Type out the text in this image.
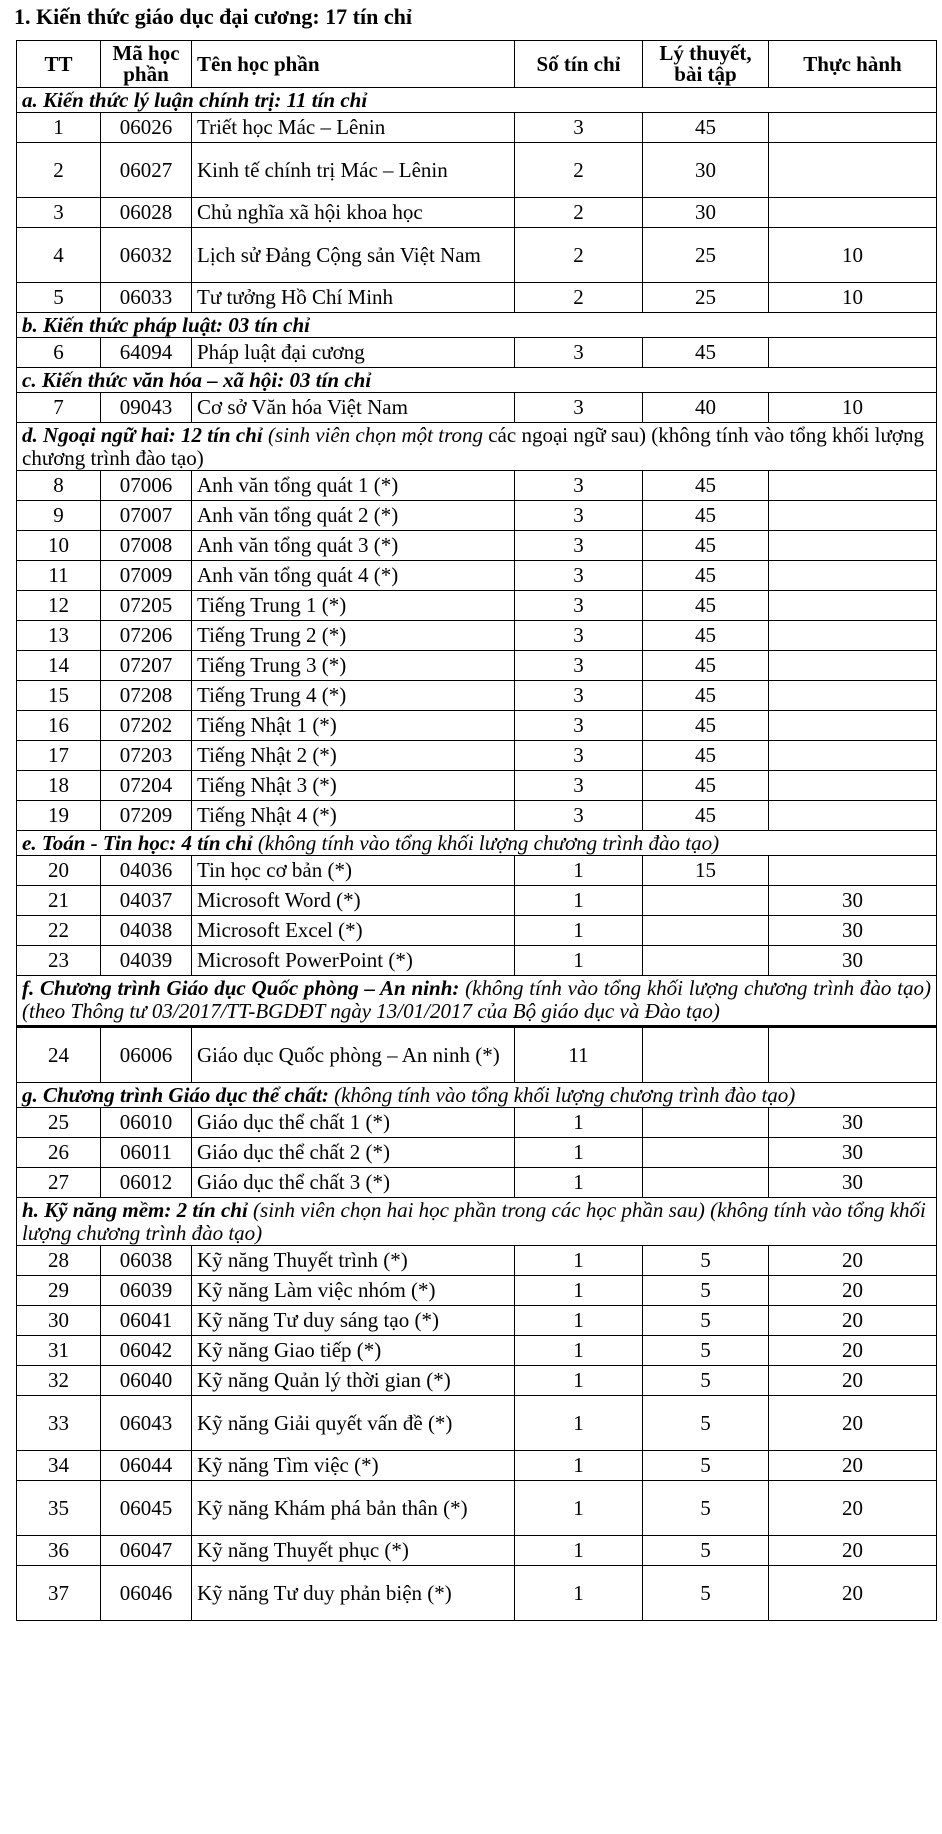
1. Kiến thức giáo dục đại cương: 17 tín chỉ
TT	Mã học phần	Tên học phần	Số tín chỉ	Lý thuyết, bài tập	Thực hành
a. Kiến thức lý luận chính trị: 11 tín chỉ					
1	06026	Triết học Mác – Lênin	3	45	
2	06027	Kinh tế chính trị Mác – Lênin	2	30	
3	06028	Chủ nghĩa xã hội khoa học	2	30	
4	06032	Lịch sử Đảng Cộng sản Việt Nam	2	25	10
5	06033	Tư tưởng Hồ Chí Minh	2	25	10
b. Kiến thức pháp luật: 03 tín chỉ					
6	64094	Pháp luật đại cương	3	45	
c. Kiến thức văn hóa – xã hội: 03 tín chỉ					
7	09043	Cơ sở Văn hóa Việt Nam	3	40	10
d. Ngoại ngữ hai: 12 tín chỉ (sinh viên chọn một trong các ngoại ngữ sau) (không tính vào tổng khối lượng chương trình đào tạo)					
8	07006	Anh văn tổng quát 1 (*)	3	45	
9	07007	Anh văn tổng quát 2 (*)	3	45	
10	07008	Anh văn tổng quát 3 (*)	3	45	
11	07009	Anh văn tổng quát 4 (*)	3	45	
12	07205	Tiếng Trung 1 (*)	3	45	
13	07206	Tiếng Trung 2 (*)	3	45	
14	07207	Tiếng Trung 3 (*)	3	45	
15	07208	Tiếng Trung 4 (*)	3	45	
16	07202	Tiếng Nhật 1 (*)	3	45	
17	07203	Tiếng Nhật 2 (*)	3	45	
18	07204	Tiếng Nhật 3 (*)	3	45	
19	07209	Tiếng Nhật 4 (*)	3	45	
e. Toán - Tin học: 4 tín chỉ (không tính vào tổng khối lượng chương trình đào tạo)					
20	04036	Tin học cơ bản (*)	1	15	
21	04037	Microsoft Word (*)	1		30
22	04038	Microsoft Excel (*)	1		30
23	04039	Microsoft PowerPoint (*)	1		30
f. Chương trình Giáo dục Quốc phòng – An ninh: (không tính vào tổng khối lượng chương trình đào tạo) (theo Thông tư 03/2017/TT-BGDĐT ngày 13/01/2017 của Bộ giáo dục và Đào tạo)					
24	06006	Giáo dục Quốc phòng – An ninh (*)	11		
g. Chương trình Giáo dục thể chất: (không tính vào tổng khối lượng chương trình đào tạo)					
25	06010	Giáo dục thể chất 1 (*)	1		30
26	06011	Giáo dục thể chất 2 (*)	1		30
27	06012	Giáo dục thể chất 3 (*)	1		30
h. Kỹ năng mềm: 2 tín chỉ (sinh viên chọn hai học phần trong các học phần sau) (không tính vào tổng khối lượng chương trình đào tạo)					
28	06038	Kỹ năng Thuyết trình (*)	1	5	20
29	06039	Kỹ năng Làm việc nhóm (*)	1	5	20
30	06041	Kỹ năng Tư duy sáng tạo (*)	1	5	20
31	06042	Kỹ năng Giao tiếp (*)	1	5	20
32	06040	Kỹ năng Quản lý thời gian (*)	1	5	20
33	06043	Kỹ năng Giải quyết vấn đề (*)	1	5	20
34	06044	Kỹ năng Tìm việc (*)	1	5	20
35	06045	Kỹ năng Khám phá bản thân (*)	1	5	20
36	06047	Kỹ năng Thuyết phục (*)	1	5	20
37	06046	Kỹ năng Tư duy phản biện (*)	1	5	20
